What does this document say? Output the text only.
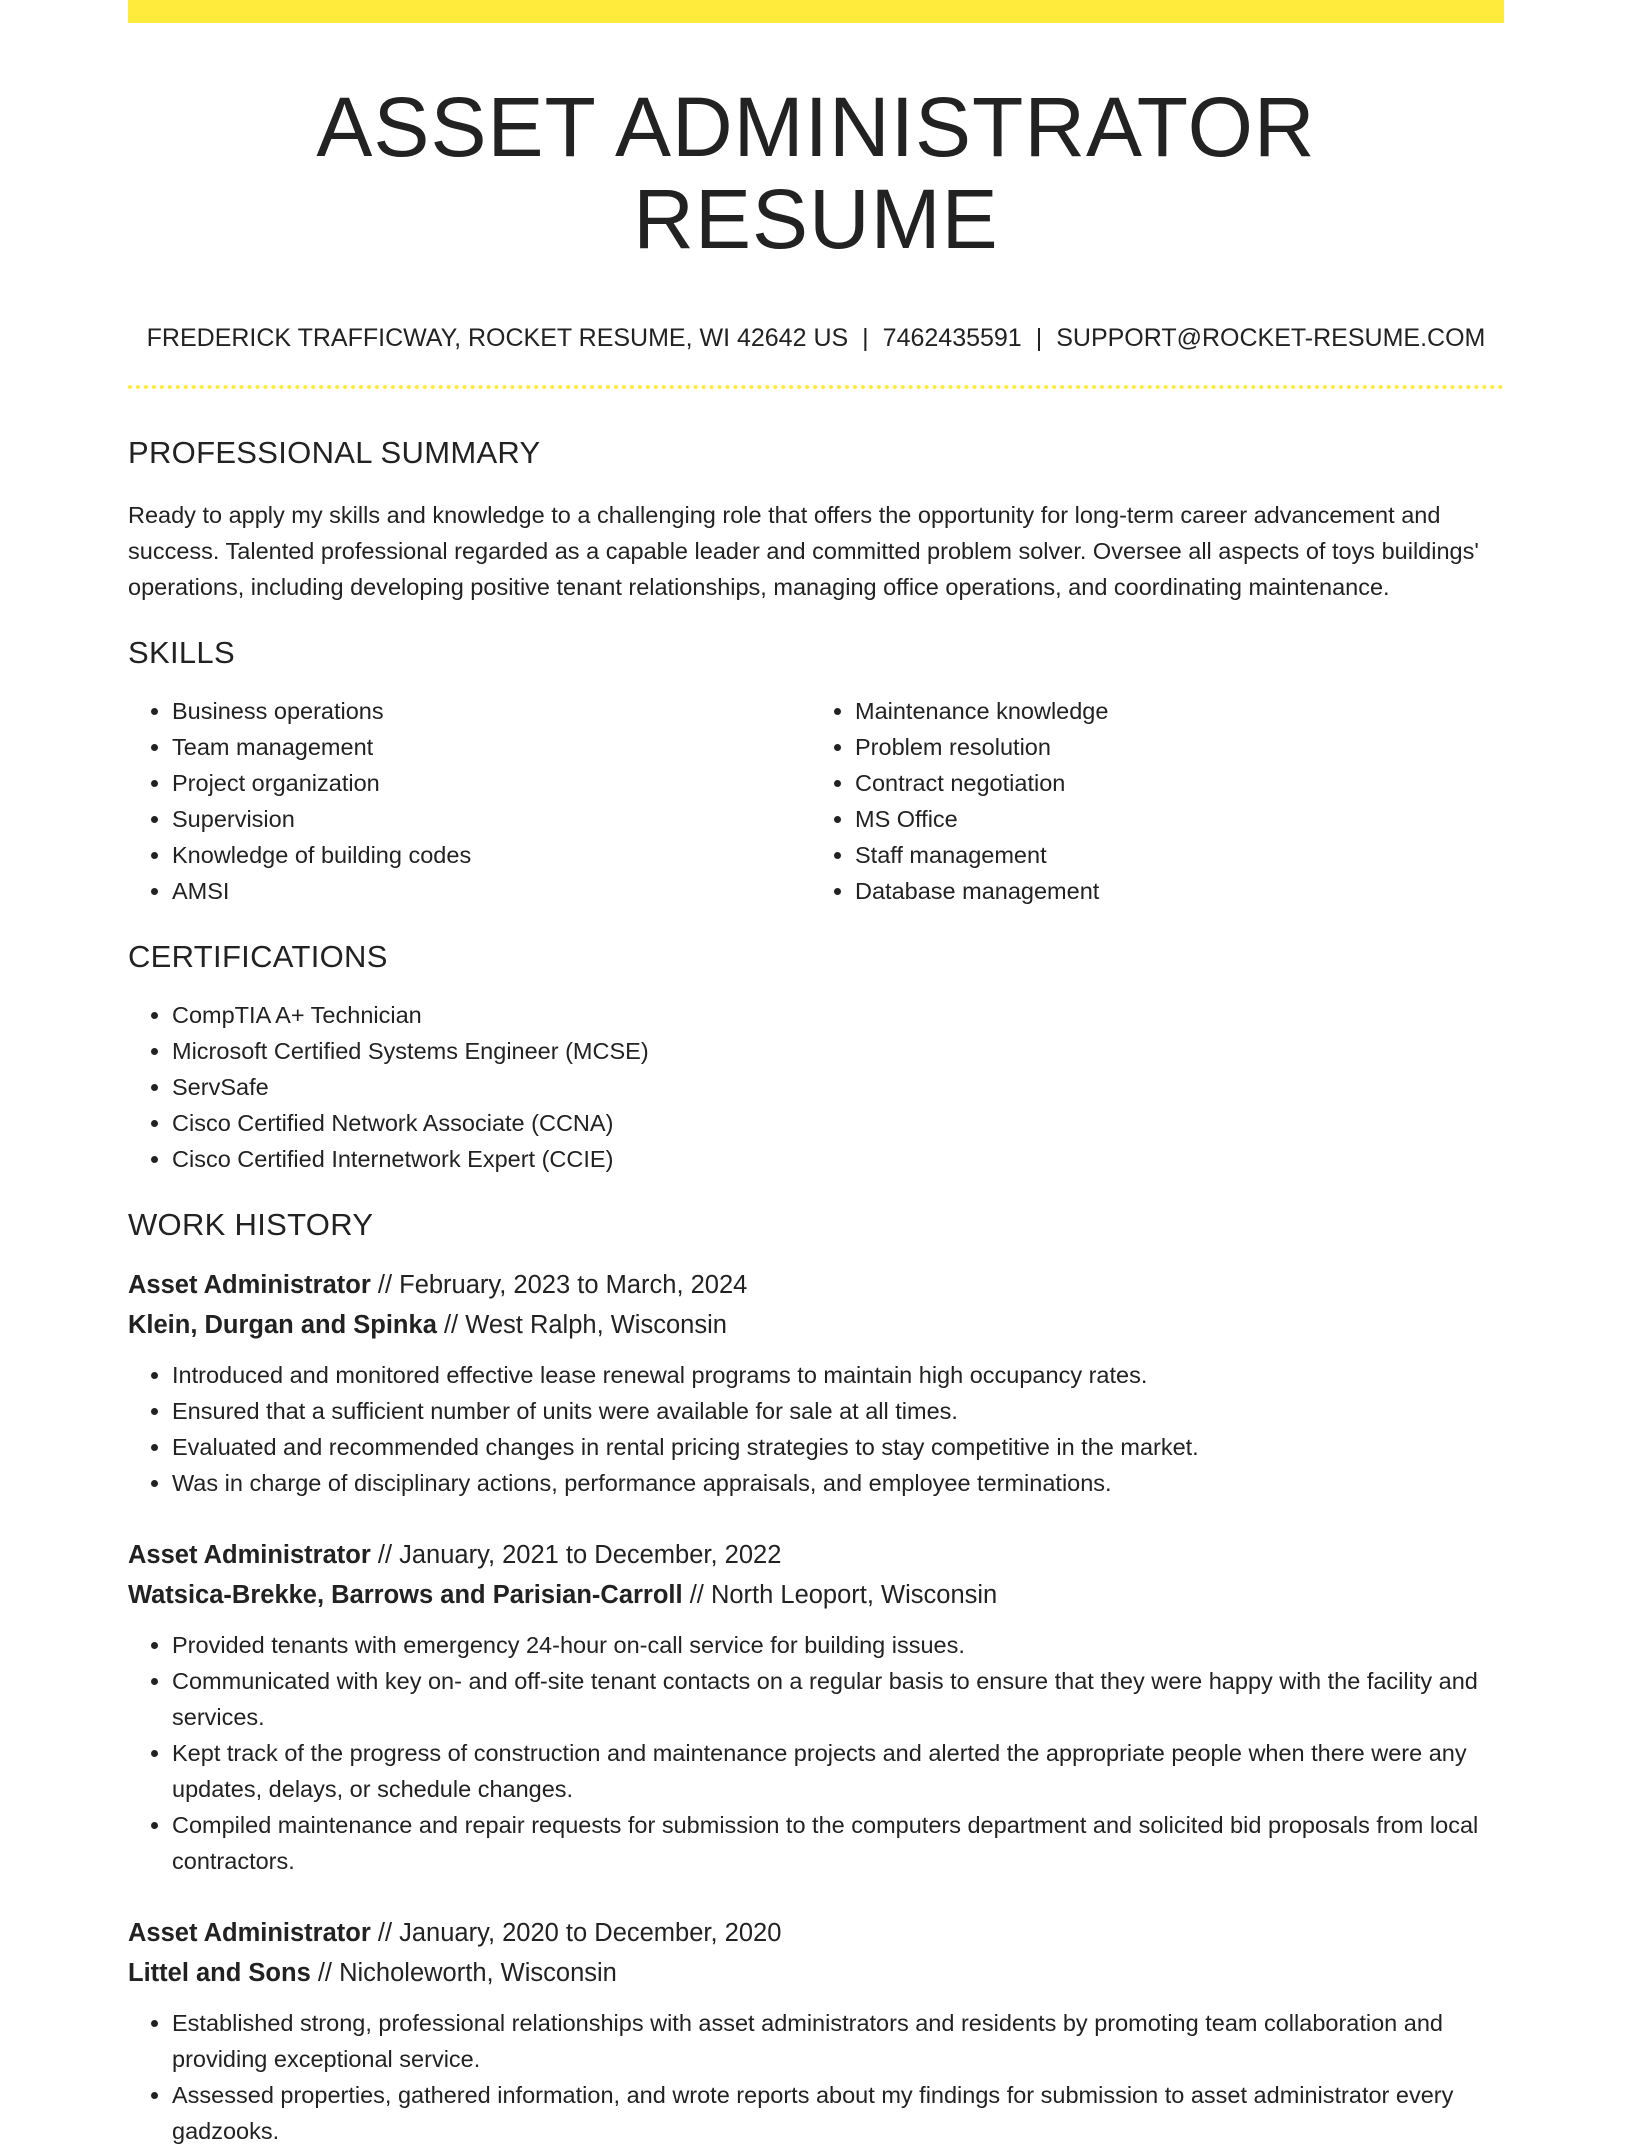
ASSET ADMINISTRATOR RESUME
FREDERICK TRAFFICWAY, ROCKET RESUME, WI 42642 US | 7462435591 | SUPPORT@ROCKET-RESUME.COM
PROFESSIONAL SUMMARY

Ready to apply my skills and knowledge to a challenging role that offers the opportunity for long-term career advancement and success. Talented professional regarded as a capable leader and committed problem solver. Oversee all aspects of toys buildings' operations, including developing positive tenant relationships, managing office operations, and coordinating maintenance.

SKILLS
• Business operations
• Team management
• Project organization
• Supervision
• Knowledge of building codes
• AMSI
• Maintenance knowledge
• Problem resolution
• Contract negotiation
• MS Office
• Staff management
• Database management
CERTIFICATIONS
• CompTIA A+ Technician
• Microsoft Certified Systems Engineer (MCSE)
• ServSafe
• Cisco Certified Network Associate (CCNA)
• Cisco Certified Internetwork Expert (CCIE)
WORK HISTORY
Asset Administrator // February, 2023 to March, 2024
Klein, Durgan and Spinka // West Ralph, Wisconsin
• Introduced and monitored effective lease renewal programs to maintain high occupancy rates.
• Ensured that a sufficient number of units were available for sale at all times.
• Evaluated and recommended changes in rental pricing strategies to stay competitive in the market.
• Was in charge of disciplinary actions, performance appraisals, and employee terminations.
Asset Administrator // January, 2021 to December, 2022
Watsica-Brekke, Barrows and Parisian-Carroll // North Leoport, Wisconsin
• Provided tenants with emergency 24-hour on-call service for building issues.
• Communicated with key on- and off-site tenant contacts on a regular basis to ensure that they were happy with the facility and services.
• Kept track of the progress of construction and maintenance projects and alerted the appropriate people when there were any updates, delays, or schedule changes.
• Compiled maintenance and repair requests for submission to the computers department and solicited bid proposals from local contractors.
Asset Administrator // January, 2020 to December, 2020
Littel and Sons // Nicholeworth, Wisconsin
• Established strong, professional relationships with asset administrators and residents by promoting team collaboration and providing exceptional service.
• Assessed properties, gathered information, and wrote reports about my findings for submission to asset administrator every gadzooks.
